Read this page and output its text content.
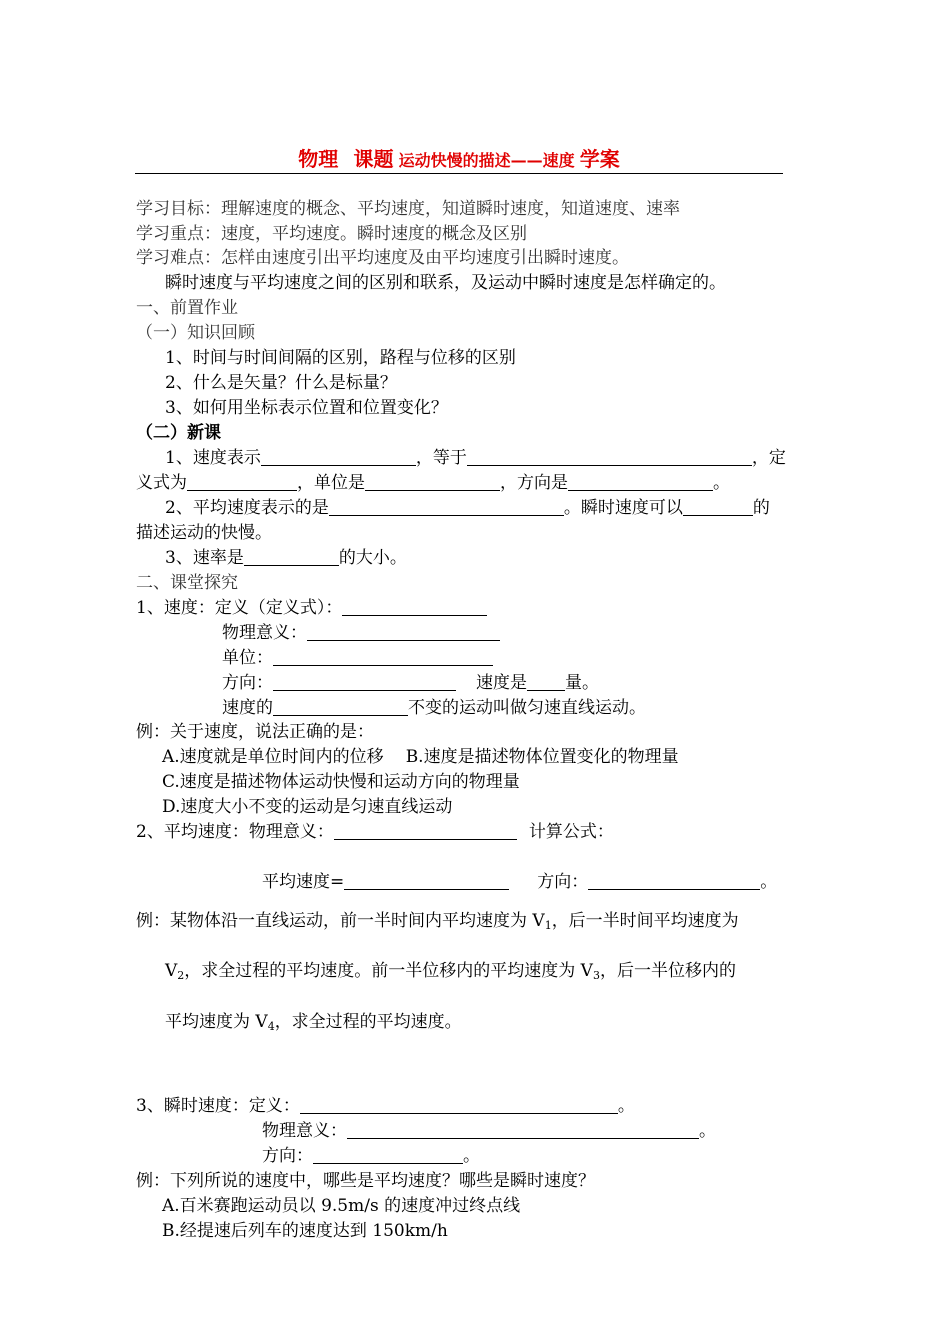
物理 课题 运动快慢的描述——速度 学案
学习目标：理解速度的概念、平均速度，知道瞬时速度，知道速度、速率
学习重点：速度，平均速度。瞬时速度的概念及区别
学习难点：怎样由速度引出平均速度及由平均速度引出瞬时速度。
瞬时速度与平均速度之间的区别和联系，及运动中瞬时速度是怎样确定的。
一、前置作业
（一）知识回顾
1、时间与时间间隔的区别，路程与位移的区别
2、什么是矢量？什么是标量？
3、如何用坐标表示位置和位置变化？
（二）新课
1、速度表示	，等于	，定
义式为	，单位是	，方向是	。
2、平均速度表示的是	。瞬时速度可以	的
描述运动的快慢。
3、速率是	的大小。
二、课堂探究
1、速度：定义（定义式）：
物理意义：
单位：
方向：	速度是 量。
速度的	不变的运动叫做匀速直线运动。
例：关于速度，说法正确的是：
A.速度就是单位时间内的位移 B.速度是描述物体位置变化的物理量
C.速度是描述物体运动快慢和运动方向的物理量
D.速度大小不变的运动是匀速直线运动
2、平均速度：物理意义：	计算公式：
平均速度=	方向：	。
例：某物体沿一直线运动，前一半时间内平均速度为 $V_1$，后一半时间平均速度为
$V_2$，求全过程的平均速度。前一半位移内的平均速度为 $V_3$，后一半位移内的
平均速度为 $V_4$，求全过程的平均速度。
3、瞬时速度：定义：	。
物理意义：	。
方向：	。
例：下列所说的速度中，哪些是平均速度？哪些是瞬时速度？
A.百米赛跑运动员以 9.5m/s 的速度冲过终点线
B.经提速后列车的速度达到 150km/h
